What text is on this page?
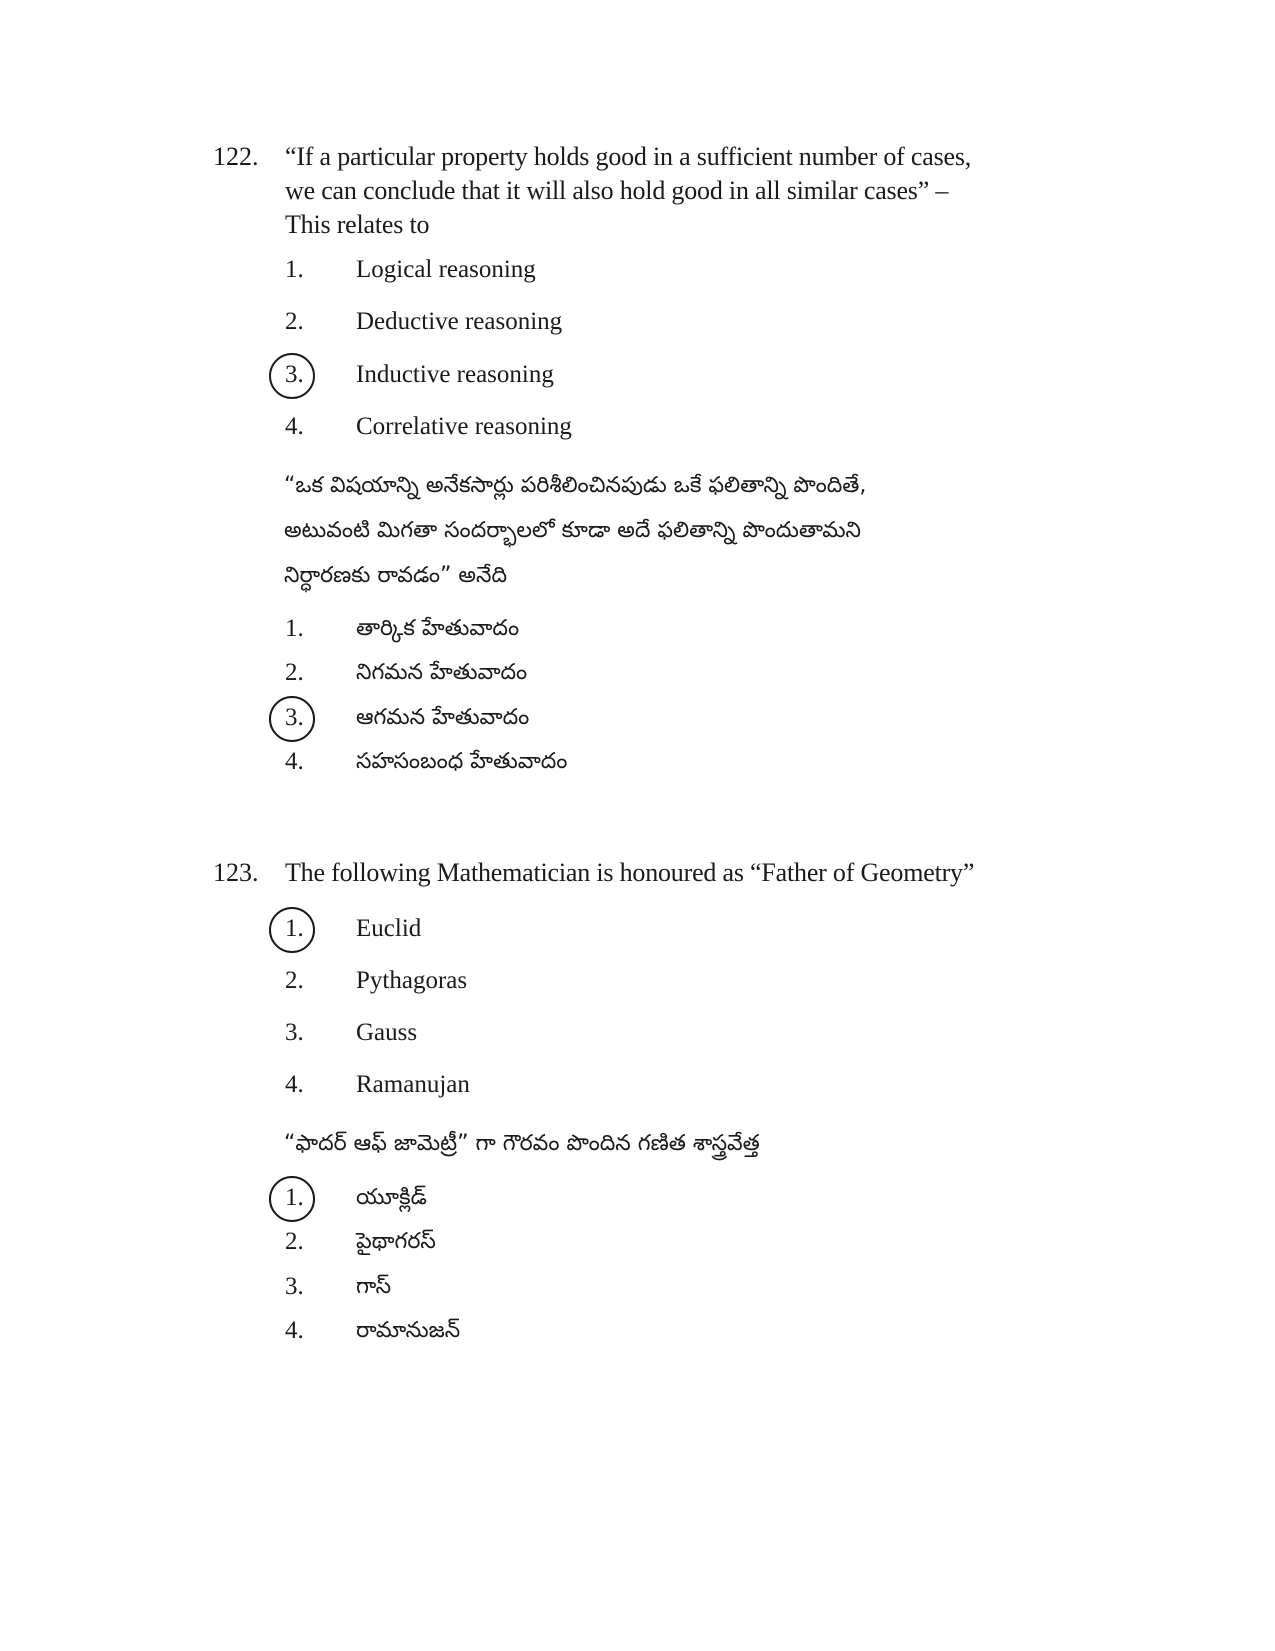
122. “If a particular property holds good in a sufficient number of cases,
we can conclude that it will also hold good in all similar cases” –
This relates to
1.	Logical reasoning
2.	Deductive reasoning
3.	Inductive reasoning
4.	Correlative reasoning
“ఒక విషయాన్ని అనేకసార్లు పరిశీలించినపుడు ఒకే ఫలితాన్ని పొందితే,
అటువంటి మిగతా సందర్భాలలో కూడా అదే ఫలితాన్ని పొందుతామని
నిర్ధారణకు రావడం” అనేది
1.	తార్కిక హేతువాదం
2.	నిగమన హేతువాదం
3.	ఆగమన హేతువాదం
4.	సహసంబంధ హేతువాదం
123. The following Mathematician is honoured as “Father of Geometry”
1.	Euclid
2.	Pythagoras
3.	Gauss
4.	Ramanujan
“ఫాదర్ ఆఫ్ జామెట్రీ” గా గౌరవం పొందిన గణిత శాస్త్రవేత్త
1.	యూక్లిడ్
2.	పైథాగరస్
3.	గాస్
4.	రామానుజన్
